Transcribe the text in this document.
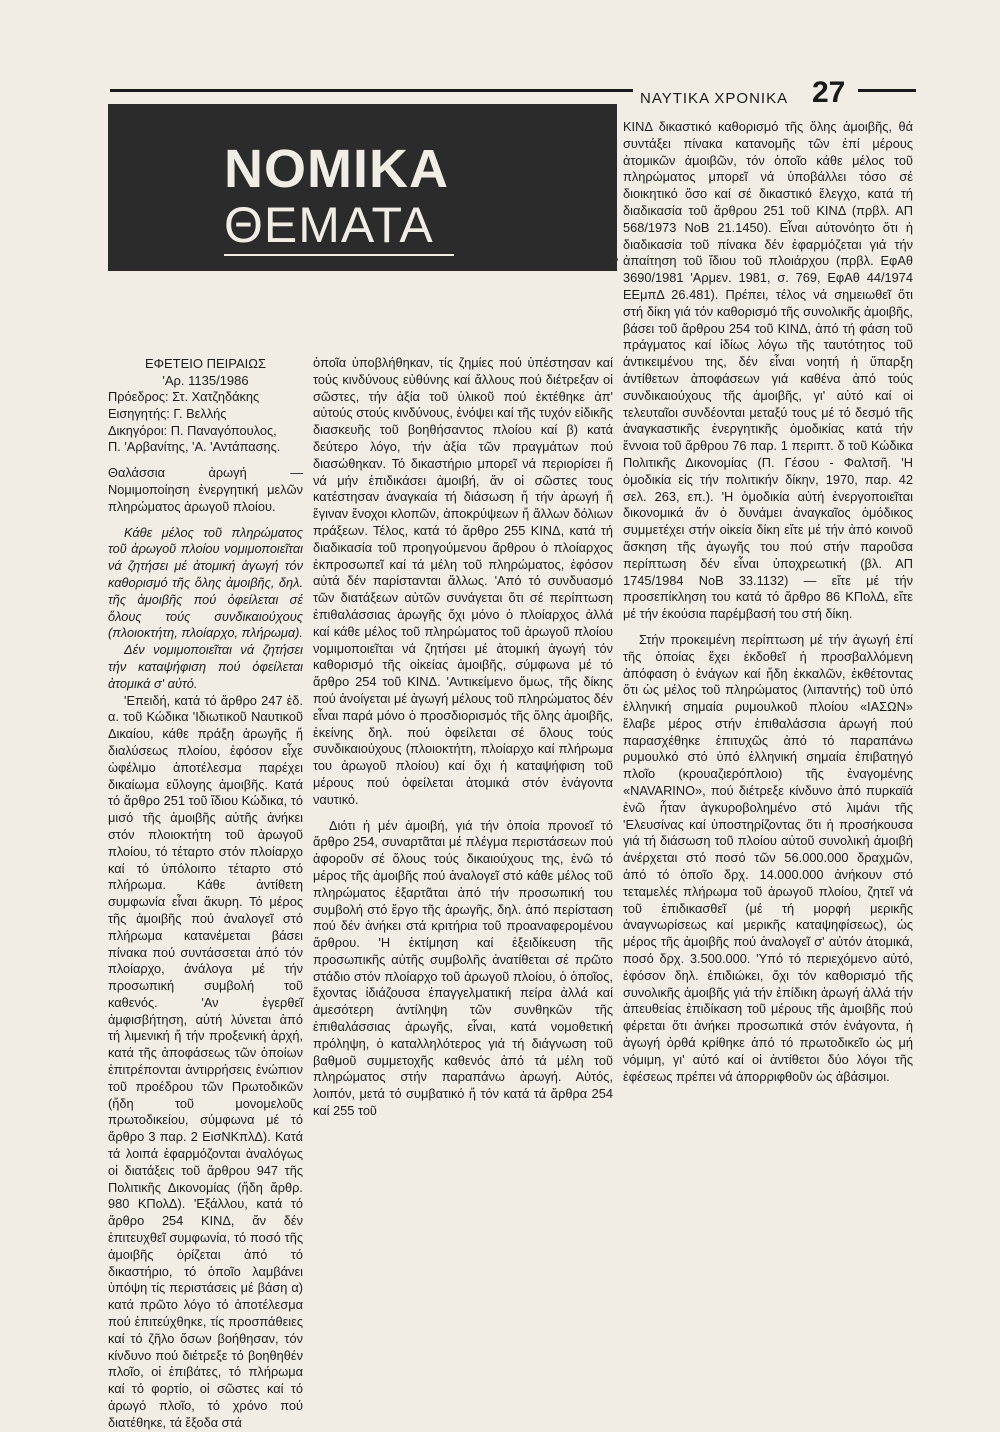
ΝΑΥΤΙΚΑ ΧΡΟΝΙΚΑ 27
ΝΟΜΙΚΑ
ΘΕΜΑΤΑ
ΕΦΕΤΕΙΟ ΠΕΙΡΑΙΩΣ
'Αρ. 1135/1986

Πρόεδρος: Στ. Χατζηδάκης

Εισηγητής: Γ. Βελλής

Δικηγόροι: Π. Παναγόπουλος,

Π. 'Αρβανίτης, 'Α. 'Αντάπασης.

Θαλάσσια ἀρωγή — Νομιμοποίηση ἐνεργητική μελῶν πληρώματος ἀρωγοῦ πλοίου.

Κάθε μέλος τοῦ πληρώματος τοῦ ἀρωγοῦ πλοίου νομιμοποιεῖται νά ζητήσει μέ ἀτομική ἀγωγή τόν καθορισμό τῆς ὅλης ἀμοιβῆς, δηλ. τῆς ἀμοιβῆς πού ὀφείλεται σέ ὅλους τούς συνδικαιούχους (πλοιοκτήτη, πλοίαρχο, πλήρωμα).

Δέν νομιμοποιεῖται νά ζητήσει τήν καταψήφιση πού ὀφείλεται ἀτομικά σ' αὐτό.

'Επειδή, κατά τό ἄρθρο 247 ἐδ. α. τοῦ Κώδικα 'Ιδιωτικοῦ Ναυτικοῦ Δικαίου, κάθε πράξη ἀρωγῆς ἤ διαλύσεως πλοίου, ἐφόσον εἶχε ὠφέλιμο ἀποτέλεσμα παρέχει δικαίωμα εὔλογης ἀμοιβῆς. Κατά τό ἄρθρο 251 τοῦ ἴδιου Κώδικα, τό μισό τῆς ἀμοιβῆς αὐτῆς ἀνήκει στόν πλοιοκτήτη τοῦ ἀρωγοῦ πλοίου, τό τέταρτο στόν πλοίαρχο καί τό ὑπόλοιπο τέταρτο στό πλήρωμα. Κάθε ἀντίθετη συμφωνία εἶναι ἄκυρη. Τό μέρος τῆς ἀμοιβῆς πού ἀναλογεῖ στό πλήρωμα κατανέμεται βάσει πίνακα πού συντάσσεται ἀπό τόν πλοίαρχο, ἀνάλογα μέ τήν προσωπική συμβολή τοῦ καθενός. 'Αν ἐγερθεῖ ἀμφισβήτηση, αὐτή λύνεται ἀπό τή λιμενική ἤ τήν προξενική ἀρχή, κατά τῆς ἀποφάσεως τῶν ὁποίων ἐπιτρέπονται ἀντιρρήσεις ἐνώπιον τοῦ προέδρου τῶν Πρωτοδικῶν (ἤδη τοῦ μονομελοῦς πρωτοδικείου, σύμφωνα μέ τό ἄρθρο 3 παρ. 2 ΕισΝΚπλΔ). Κατά τά λοιπά ἐφαρμόζονται ἀναλόγως οἱ διατάξεις τοῦ ἄρθρου 947 τῆς Πολιτικῆς Δικονομίας (ἤδη ἄρθρ. 980 ΚΠολΔ). 'Εξάλλου, κατά τό ἄρθρο 254 ΚΙΝΔ, ἄν δέν ἐπιτευχθεῖ συμφωνία, τό ποσό τῆς ἀμοιβῆς ὁρίζεται ἀπό τό δικαστήριο, τό ὁποῖο λαμβάνει ὑπόψη τίς περιστάσεις μέ βάση α) κατά πρῶτο λόγο τό ἀποτέλεσμα πού ἐπιτεύχθηκε, τίς προσπάθειες καί τό ζῆλο ὅσων βοήθησαν, τόν κίνδυνο πού διέτρεξε τό βοηθηθέν πλοῖο, οἱ ἐπιβάτες, τό πλήρωμα καί τό φορτίο, οἱ σῶστες καί τό ἀρωγό πλοῖο, τό χρόνο πού διατέθηκε, τά ἔξοδα στά

ὁποῖα ὑποβλήθηκαν, τίς ζημίες πού ὑπέστησαν καί τούς κινδύνους εὐθύνης καί ἄλλους πού διέτρεξαν οἱ σῶστες, τήν ἀξία τοῦ ὑλικοῦ πού ἐκτέθηκε ἀπ' αὐτούς στούς κινδύνους, ἐνόψει καί τῆς τυχόν εἰδικῆς διασκευῆς τοῦ βοηθήσαντος πλοίου καί β) κατά δεύτερο λόγο, τήν ἀξία τῶν πραγμάτων πού διασώθηκαν. Τό δικαστήριο μπορεῖ νά περιορίσει ἤ νά μήν ἐπιδικάσει ἀμοιβή, ἄν οἱ σῶστες τους κατέστησαν ἀναγκαία τή διάσωση ἤ τήν ἀρωγή ἤ ἔγιναν ἔνοχοι κλοπῶν, ἀποκρύψεων ἤ ἄλλων δόλιων πράξεων. Τέλος, κατά τό ἄρθρο 255 ΚΙΝΔ, κατά τή διαδικασία τοῦ προηγούμενου ἄρθρου ὁ πλοίαρχος ἐκπροσωπεῖ καί τά μέλη τοῦ πληρώματος, ἐφόσον αὐτά δέν παρίστανται ἄλλως. 'Από τό συνδυασμό τῶν διατάξεων αὐτῶν συνάγεται ὅτι σέ περίπτωση ἐπιθαλάσσιας ἀρωγῆς ὄχι μόνο ὁ πλοίαρχος ἀλλά καί κάθε μέλος τοῦ πληρώματος τοῦ ἀρωγοῦ πλοίου νομιμοποιεῖται νά ζητήσει μέ ἀτομική ἀγωγή τόν καθορισμό τῆς οἰκείας ἀμοιβῆς, σύμφωνα μέ τό ἄρθρο 254 τοῦ ΚΙΝΔ. 'Αντικείμενο ὅμως, τῆς δίκης πού ἀνοίγεται μέ ἀγωγή μέλους τοῦ πληρώματος δέν εἶναι παρά μόνο ὁ προσδιορισμός τῆς ὅλης ἀμοιβῆς, ἐκείνης δηλ. πού ὀφείλεται σέ ὅλους τούς συνδικαιούχους (πλοιοκτήτη, πλοίαρχο καί πλήρωμα του ἀρωγοῦ πλοίου) καί ὄχι ἡ καταψήφιση τοῦ μέρους πού ὀφείλεται ἀτομικά στόν ἐνάγοντα ναυτικό.

Διότι ἡ μέν ἀμοιβή, γιά τήν ὁποία προνοεῖ τό ἄρθρο 254, συναρτᾶται μέ πλέγμα περιστάσεων πού ἀφοροῦν σέ ὅλους τούς δικαιούχους της, ἐνῶ τό μέρος τῆς ἀμοιβῆς πού ἀναλογεῖ στό κάθε μέλος τοῦ πληρώματος ἐξαρτᾶται ἀπό τήν προσωπική του συμβολή στό ἔργο τῆς ἀρωγῆς, δηλ. ἀπό περίσταση πού δέν ἀνήκει στά κριτήρια τοῦ προαναφερομένου ἄρθρου. 'Η ἐκτίμηση καί ἐξειδίκευση τῆς προσωπικῆς αὐτῆς συμβολῆς ἀνατίθεται σέ πρῶτο στάδιο στόν πλοίαρχο τοῦ ἀρωγοῦ πλοίου, ὁ ὁποῖος, ἔχοντας ἰδιάζουσα ἐπαγγελματική πείρα ἀλλά καί ἀμεσότερη ἀντίληψη τῶν συνθηκῶν τῆς ἐπιθαλάσσιας ἀρωγῆς, εἶναι, κατά νομοθετική πρόληψη, ὁ καταλληλότερος γιά τή διάγνωση τοῦ βαθμοῦ συμμετοχῆς καθενός ἀπό τά μέλη τοῦ πληρώματος στήν παραπάνω ἀρωγή. Αὐτός, λοιπόν, μετά τό συμβατικό ἤ τόν κατά τά ἄρθρα 254 καί 255 τοῦ

ΚΙΝΔ δικαστικό καθορισμό τῆς ὅλης ἀμοιβῆς, θά συντάξει πίνακα κατανομῆς τῶν ἐπί μέρους ἀτομικῶν ἀμοιβῶν, τόν ὁποῖο κάθε μέλος τοῦ πληρώματος μπορεῖ νά ὑποβάλλει τόσο σέ διοικητικό ὅσο καί σέ δικαστικό ἔλεγχο, κατά τή διαδικασία τοῦ ἄρθρου 251 τοῦ ΚΙΝΔ (πρβλ. ΑΠ 568/1973 ΝοΒ 21.1450). Εἶναι αὐτονόητο ὅτι ἡ διαδικασία τοῦ πίνακα δέν ἐφαρμόζεται γιά τήν ἀπαίτηση τοῦ ἴδιου τοῦ πλοιάρχου (πρβλ. ΕφΑθ 3690/1981 'Αρμεν. 1981, σ. 769, ΕφΑθ 44/1974 ΕΕμπΔ 26.481). Πρέπει, τέλος νά σημειωθεῖ ὅτι στή δίκη γιά τόν καθορισμό τῆς συνολικῆς ἀμοιβῆς, βάσει τοῦ ἄρθρου 254 τοῦ ΚΙΝΔ, ἀπό τή φάση τοῦ πράγματος καί ἰδίως λόγω τῆς ταυτότητος τοῦ ἀντικειμένου της, δέν εἶναι νοητή ἡ ὕπαρξη ἀντίθετων ἀποφάσεων γιά καθένα ἀπό τούς συνδικαιούχους τῆς ἀμοιβῆς, γι' αὐτό καί οἱ τελευταῖοι συνδέονται μεταξύ τους μέ τό δεσμό τῆς ἀναγκαστικῆς ἐνεργητικῆς ὁμοδικίας κατά τήν ἔννοια τοῦ ἄρθρου 76 παρ. 1 περιπτ. δ τοῦ Κώδικα Πολιτικῆς Δικονομίας (Π. Γέσου - Φαλτσῆ. 'Η ὁμοδικία εἰς τήν πολιτικήν δίκην, 1970, παρ. 42 σελ. 263, επ.). 'Η ὁμοδικία αὐτή ἐνεργοποιεῖται δικονομικά ἄν ὁ δυνάμει ἀναγκαῖος ὁμόδικος συμμετέχει στήν οἰκεία δίκη εἴτε μέ τήν ἀπό κοινοῦ ἄσκηση τῆς ἀγωγῆς του πού στήν παροῦσα περίπτωση δέν εἶναι ὑποχρεωτική (βλ. ΑΠ 1745/1984 ΝοΒ 33.1132) — εἴτε μέ τήν προσεπίκληση του κατά τό ἄρθρο 86 ΚΠολΔ, εἴτε μέ τήν ἑκούσια παρέμβασή του στή δίκη.

Στήν προκειμένη περίπτωση μέ τήν ἀγωγή ἐπί τῆς ὁποίας ἔχει ἐκδοθεῖ ἡ προσβαλλόμενη ἀπόφαση ὁ ἐνάγων καί ἤδη ἐκκαλῶν, ἐκθέτοντας ὅτι ὡς μέλος τοῦ πληρώματος (λιπαντής) τοῦ ὑπό ἑλληνική σημαία ρυμουλκοῦ πλοίου «ΙΑΣΩΝ» ἔλαβε μέρος στήν ἐπιθαλάσσια ἀρωγή πού παρασχέθηκε ἐπιτυχῶς ἀπό τό παραπάνω ρυμουλκό στό ὑπό ἑλληνική σημαία ἐπιβατηγό πλοῖο (κρουαζιερόπλοιο) τῆς ἐναγομένης «NAVARINO», πού διέτρεξε κίνδυνο ἀπό πυρκαϊά ἐνῶ ἦταν ἀγκυροβολημένο στό λιμάνι τῆς 'Ελευσίνας καί ὑποστηρίζοντας ὅτι ἡ προσήκουσα γιά τή διάσωση τοῦ πλοίου αὐτοῦ συνολική ἀμοιβή ἀνέρχεται στό ποσό τῶν 56.000.000 δραχμῶν, ἀπό τό ὁποῖο δρχ. 14.000.000 ἀνήκουν στό τεταμελές πλήρωμα τοῦ ἀρωγοῦ πλοίου, ζητεῖ νά τοῦ ἐπιδικασθεῖ (μέ τή μορφή μερικῆς ἀναγνωρίσεως καί μερικῆς καταψηφίσεως), ὡς μέρος τῆς ἀμοιβῆς πού ἀναλογεῖ σ' αὐτόν ἀτομικά, ποσό δρχ. 3.500.000. 'Υπό τό περιεχόμενο αὐτό, ἐφόσον δηλ. ἐπιδιώκει, ὄχι τόν καθορισμό τῆς συνολικῆς ἀμοιβῆς γιά τήν ἐπίδικη ἀρωγή ἀλλά τήν ἀπευθείας ἐπιδίκαση τοῦ μέρους τῆς ἀμοιβῆς πού φέρεται ὅτι ἀνήκει προσωπικά στόν ἐνάγοντα, ἡ ἀγωγή ὀρθά κρίθηκε ἀπό τό πρωτοδικεῖο ὡς μή νόμιμη, γι' αὐτό καί οἱ ἀντίθετοι δύο λόγοι τῆς ἐφέσεως πρέπει νά ἀπορριφθοῦν ὡς ἀβάσιμοι.
